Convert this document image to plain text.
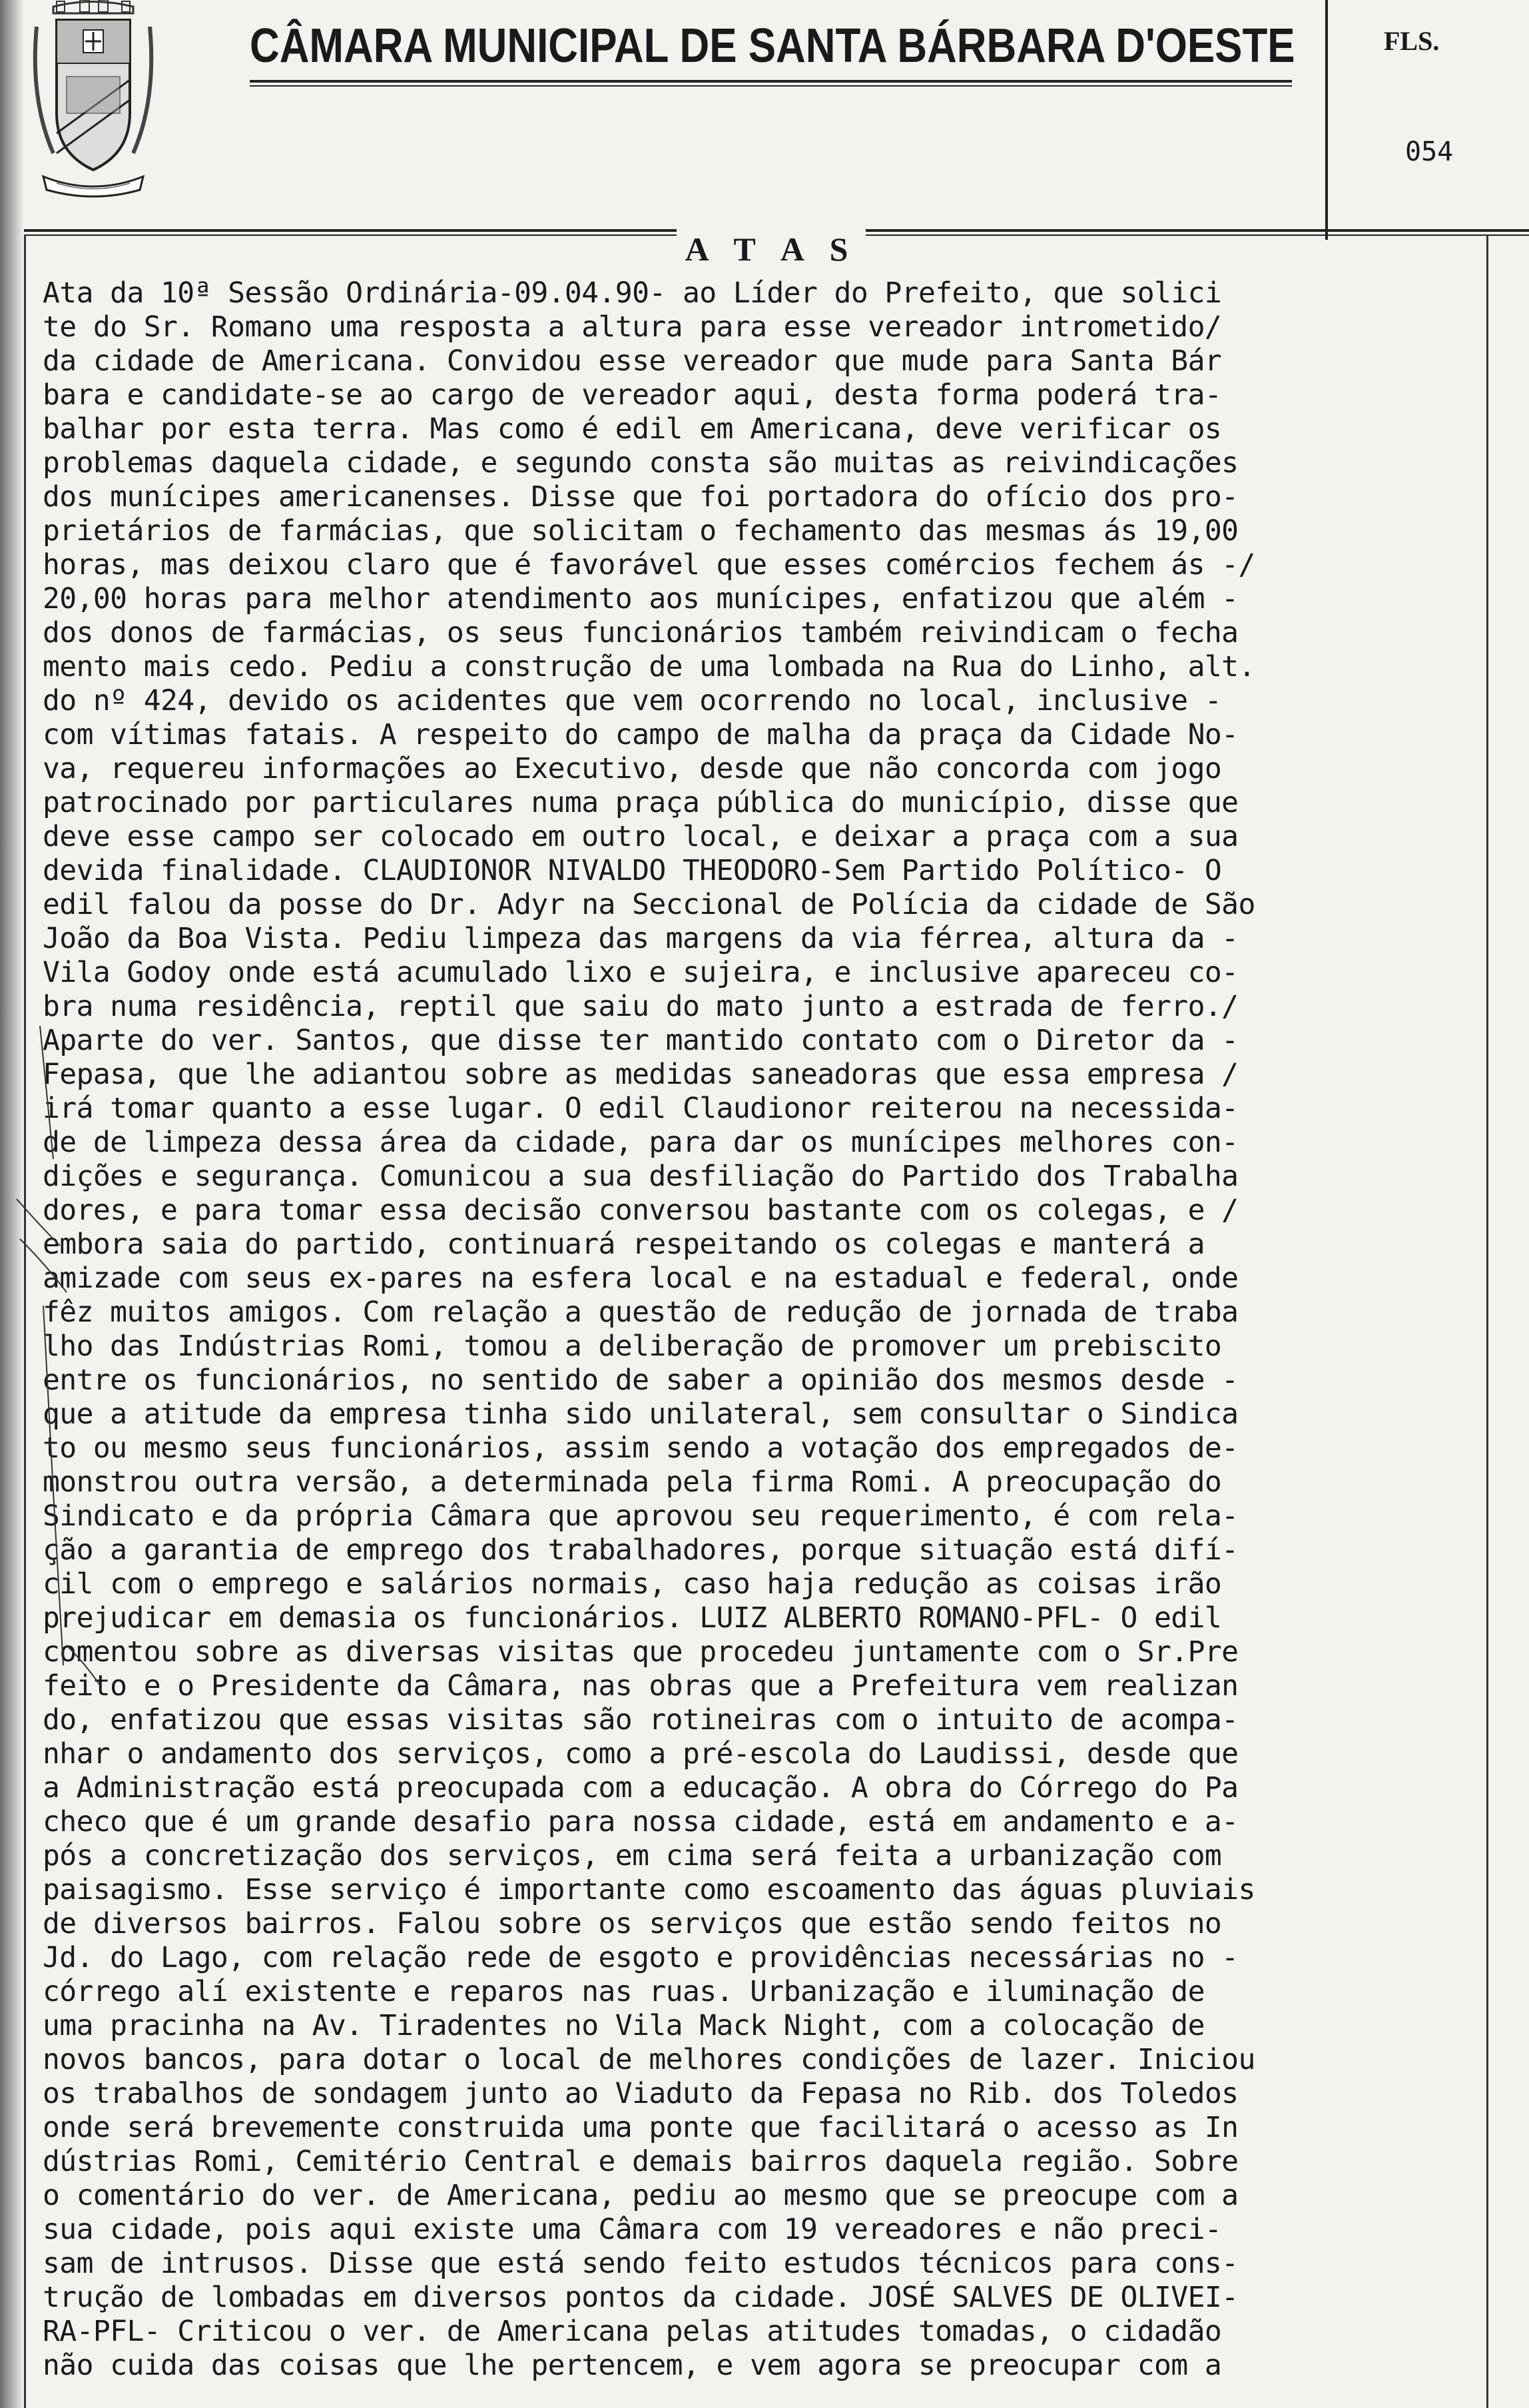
CÂMARA MUNICIPAL DE SANTA BÁRBARA D'OESTE	FLS.
054
A T A S
Ata da 10ª Sessão Ordinária-09.04.90- ao Líder do Prefeito, que solici
te do Sr. Romano uma resposta a altura para esse vereador intrometido/
da cidade de Americana. Convidou esse vereador que mude para Santa Bár
bara e candidate-se ao cargo de vereador aqui, desta forma poderá tra-
balhar por esta terra. Mas como é edil em Americana, deve verificar os
problemas daquela cidade, e segundo consta são muitas as reivindicações
dos munícipes americanenses. Disse que foi portadora do ofício dos pro-
prietários de farmácias, que solicitam o fechamento das mesmas ás 19,00
horas, mas deixou claro que é favorável que esses comércios fechem ás -/
20,00 horas para melhor atendimento aos munícipes, enfatizou que além -
dos donos de farmácias, os seus funcionários também reivindicam o fecha
mento mais cedo. Pediu a construção de uma lombada na Rua do Linho, alt.
do nº 424, devido os acidentes que vem ocorrendo no local, inclusive -
com vítimas fatais. A respeito do campo de malha da praça da Cidade No-
va, requereu informações ao Executivo, desde que não concorda com jogo
patrocinado por particulares numa praça pública do município, disse que
deve esse campo ser colocado em outro local, e deixar a praça com a sua
devida finalidade. CLAUDIONOR NIVALDO THEODORO-Sem Partido Político- O
edil falou da posse do Dr. Adyr na Seccional de Polícia da cidade de São
João da Boa Vista. Pediu limpeza das margens da via férrea, altura da -
Vila Godoy onde está acumulado lixo e sujeira, e inclusive apareceu co-
bra numa residência, reptil que saiu do mato junto a estrada de ferro./
Aparte do ver. Santos, que disse ter mantido contato com o Diretor da -
Fepasa, que lhe adiantou sobre as medidas saneadoras que essa empresa /
irá tomar quanto a esse lugar. O edil Claudionor reiterou na necessida-
de de limpeza dessa área da cidade, para dar os munícipes melhores con-
dições e segurança. Comunicou a sua desfiliação do Partido dos Trabalha
dores, e para tomar essa decisão conversou bastante com os colegas, e /
embora saia do partido, continuará respeitando os colegas e manterá a
amizade com seus ex-pares na esfera local e na estadual e federal, onde
fêz muitos amigos. Com relação a questão de redução de jornada de traba
lho das Indústrias Romi, tomou a deliberação de promover um prebiscito
entre os funcionários, no sentido de saber a opinião dos mesmos desde -
que a atitude da empresa tinha sido unilateral, sem consultar o Sindica
to ou mesmo seus funcionários, assim sendo a votação dos empregados de-
monstrou outra versão, a determinada pela firma Romi. A preocupação do
Sindicato e da própria Câmara que aprovou seu requerimento, é com rela-
ção a garantia de emprego dos trabalhadores, porque situação está difí-
cil com o emprego e salários normais, caso haja redução as coisas irão
prejudicar em demasia os funcionários. LUIZ ALBERTO ROMANO-PFL- O edil
comentou sobre as diversas visitas que procedeu juntamente com o Sr.Pre
feito e o Presidente da Câmara, nas obras que a Prefeitura vem realizan
do, enfatizou que essas visitas são rotineiras com o intuito de acompa-
nhar o andamento dos serviços, como a pré-escola do Laudissi, desde que
a Administração está preocupada com a educação. A obra do Córrego do Pa
checo que é um grande desafio para nossa cidade, está em andamento e a-
pós a concretização dos serviços, em cima será feita a urbanização com
paisagismo. Esse serviço é importante como escoamento das águas pluviais
de diversos bairros. Falou sobre os serviços que estão sendo feitos no
Jd. do Lago, com relação rede de esgoto e providências necessárias no -
córrego alí existente e reparos nas ruas. Urbanização e iluminação de
uma pracinha na Av. Tiradentes no Vila Mack Night, com a colocação de
novos bancos, para dotar o local de melhores condições de lazer. Iniciou
os trabalhos de sondagem junto ao Viaduto da Fepasa no Rib. dos Toledos
onde será brevemente construida uma ponte que facilitará o acesso as In
dústrias Romi, Cemitério Central e demais bairros daquela região. Sobre
o comentário do ver. de Americana, pediu ao mesmo que se preocupe com a
sua cidade, pois aqui existe uma Câmara com 19 vereadores e não preci-
sam de intrusos. Disse que está sendo feito estudos técnicos para cons-
trução de lombadas em diversos pontos da cidade. JOSÉ SALVES DE OLIVEI-
RA-PFL- Criticou o ver. de Americana pelas atitudes tomadas, o cidadão
não cuida das coisas que lhe pertencem, e vem agora se preocupar com a
